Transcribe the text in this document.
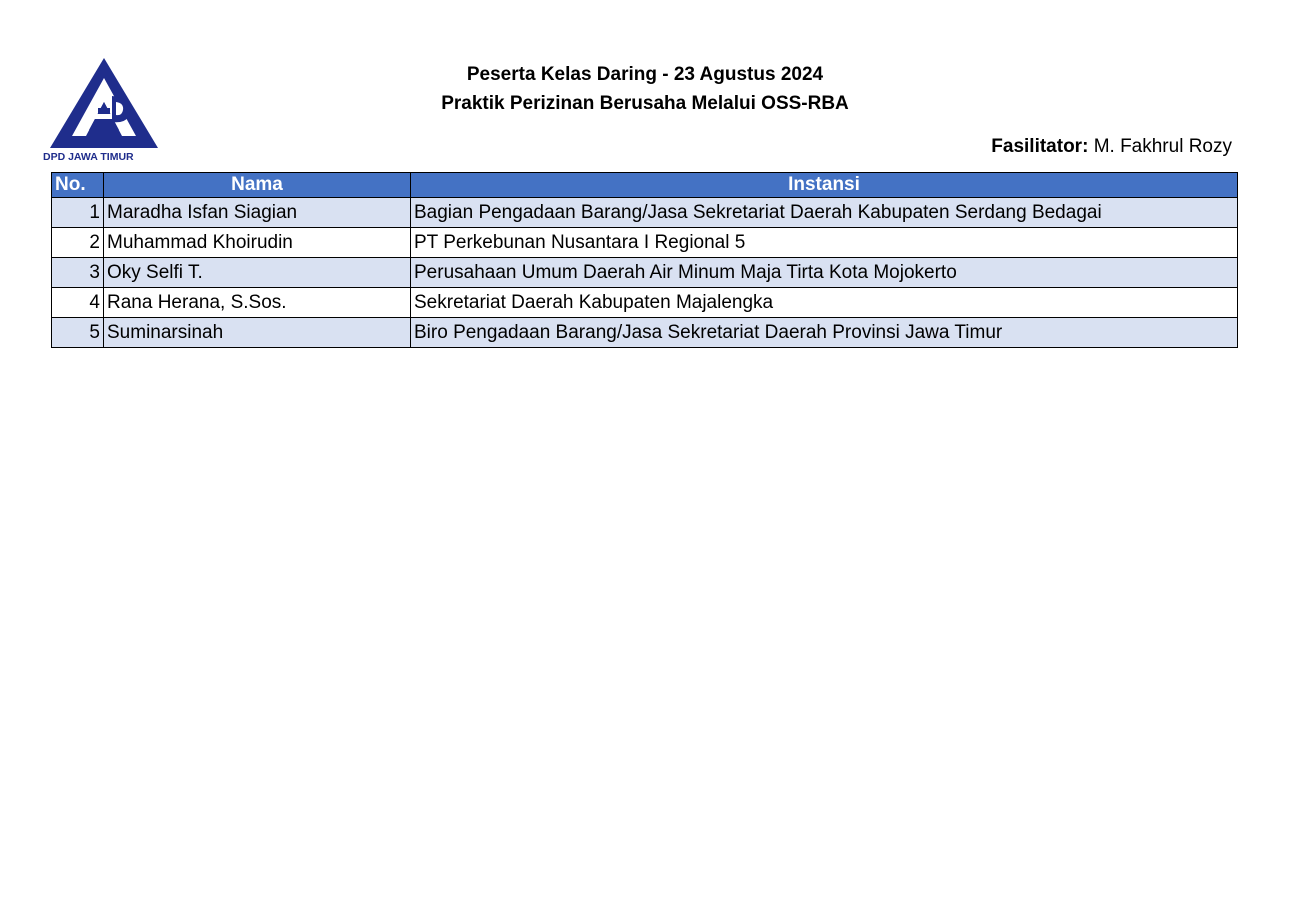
DPD JAWA TIMUR
Peserta Kelas Daring - 23 Agustus 2024
Praktik Perizinan Berusaha Melalui OSS-RBA
Fasilitator: M. Fakhrul Rozy
No.	Nama	Instansi
1	Maradha Isfan Siagian	Bagian Pengadaan Barang/Jasa Sekretariat Daerah Kabupaten Serdang Bedagai
2	Muhammad Khoirudin	PT Perkebunan Nusantara I Regional 5
3	Oky Selfi T.	Perusahaan Umum Daerah Air Minum Maja Tirta Kota Mojokerto
4	Rana Herana, S.Sos.	Sekretariat Daerah Kabupaten Majalengka
5	Suminarsinah	Biro Pengadaan Barang/Jasa Sekretariat Daerah Provinsi Jawa Timur
